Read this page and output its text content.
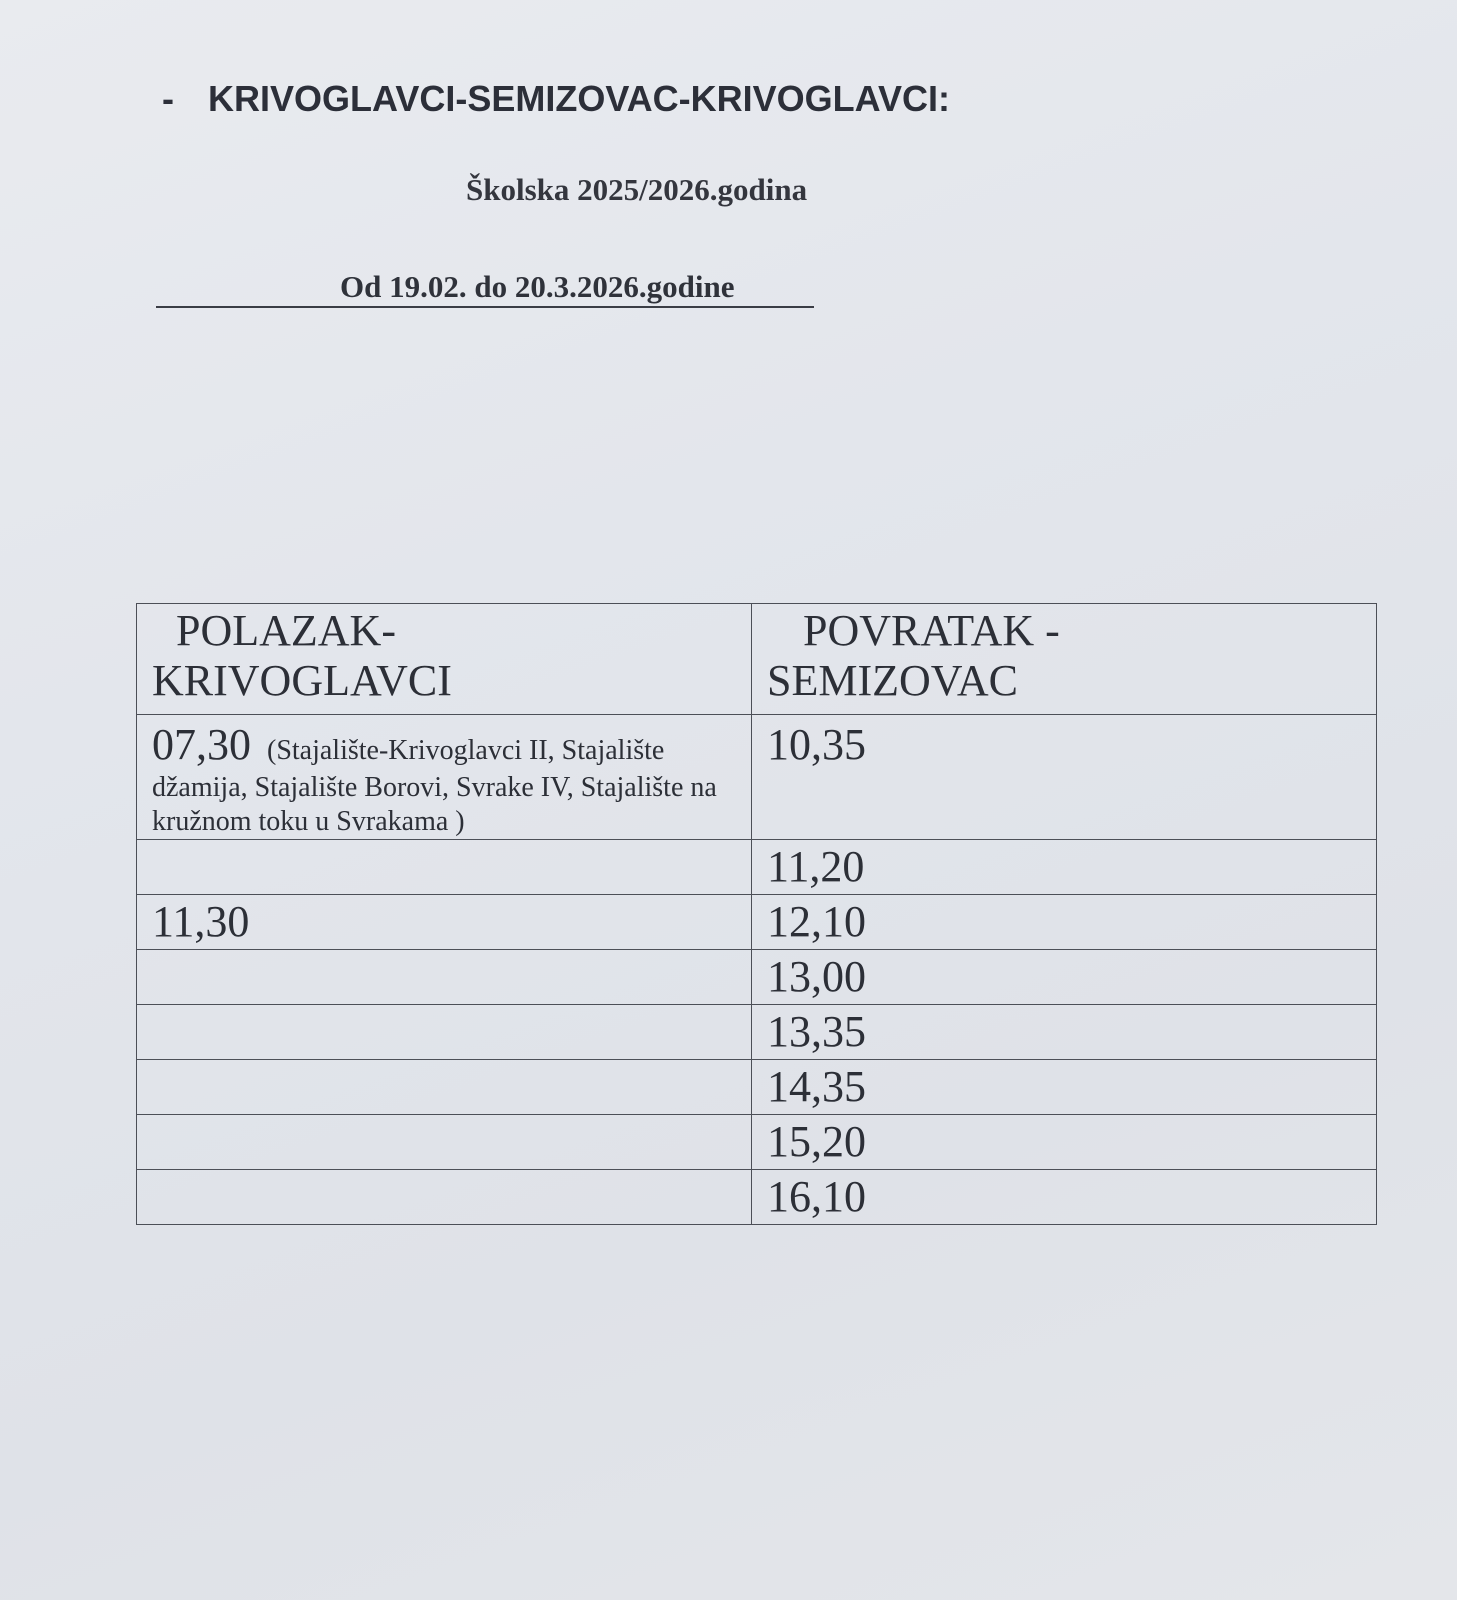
- KRIVOGLAVCI-SEMIZOVAC-KRIVOGLAVCI:
Školska 2025/2026.godina
Od 19.02. do 20.3.2026.godine
POLAZAK-
KRIVOGLAVCI	POVRATAK -
SEMIZOVAC

07,30 (Stajalište-Krivoglavci II, Stajalište džamija, Stajalište Borovi, Svrake IV, Stajalište na kružnom toku u Svrakama )	10,35
	11,20
11,30	12,10
	13,00
	13,35
	14,35
	15,20
	16,10
